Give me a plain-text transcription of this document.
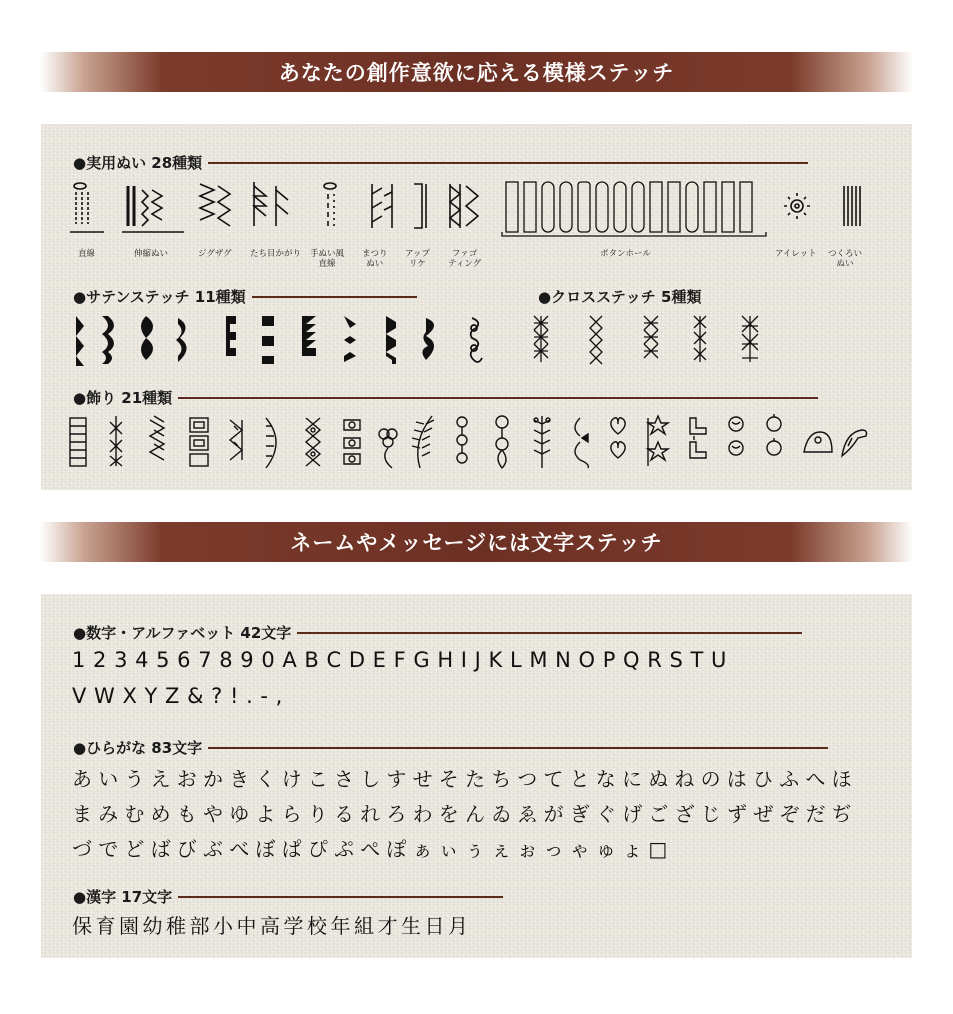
あなたの創作意欲に応える模様ステッチ
●実用ぬい 28種類
直線	伸縮ぬい	ジグザグ たち目かがり 手ぬい風
直線
まつり
ぬい
アップ
リケ
ファゴ
ティング
ボタンホール	アイレット つくろい
ぬい
●サテンステッチ 11種類	●クロスステッチ 5種類
●飾り 21種類
ネームやメッセージには文字ステッチ
●数字・アルファベット 42文字
1 2 3 4 5 6 7 8 9 0 A B C D E F G H I J K L M N O P Q R S T U
V W X Y Z & ? ! . - ,
●ひらがな 83文字
あいうえおかきくけこさしすせそたちつてとなにぬねのはひふへほ
まみむめもやゆよらりるれろわをんゐゑがぎぐげござじずぜぞだぢ
づでどばびぶべぼぱぴぷぺぽぁぃぅぇぉっゃゅょ□
●漢字 17文字
保育園幼稚部小中高学校年組才生日月
